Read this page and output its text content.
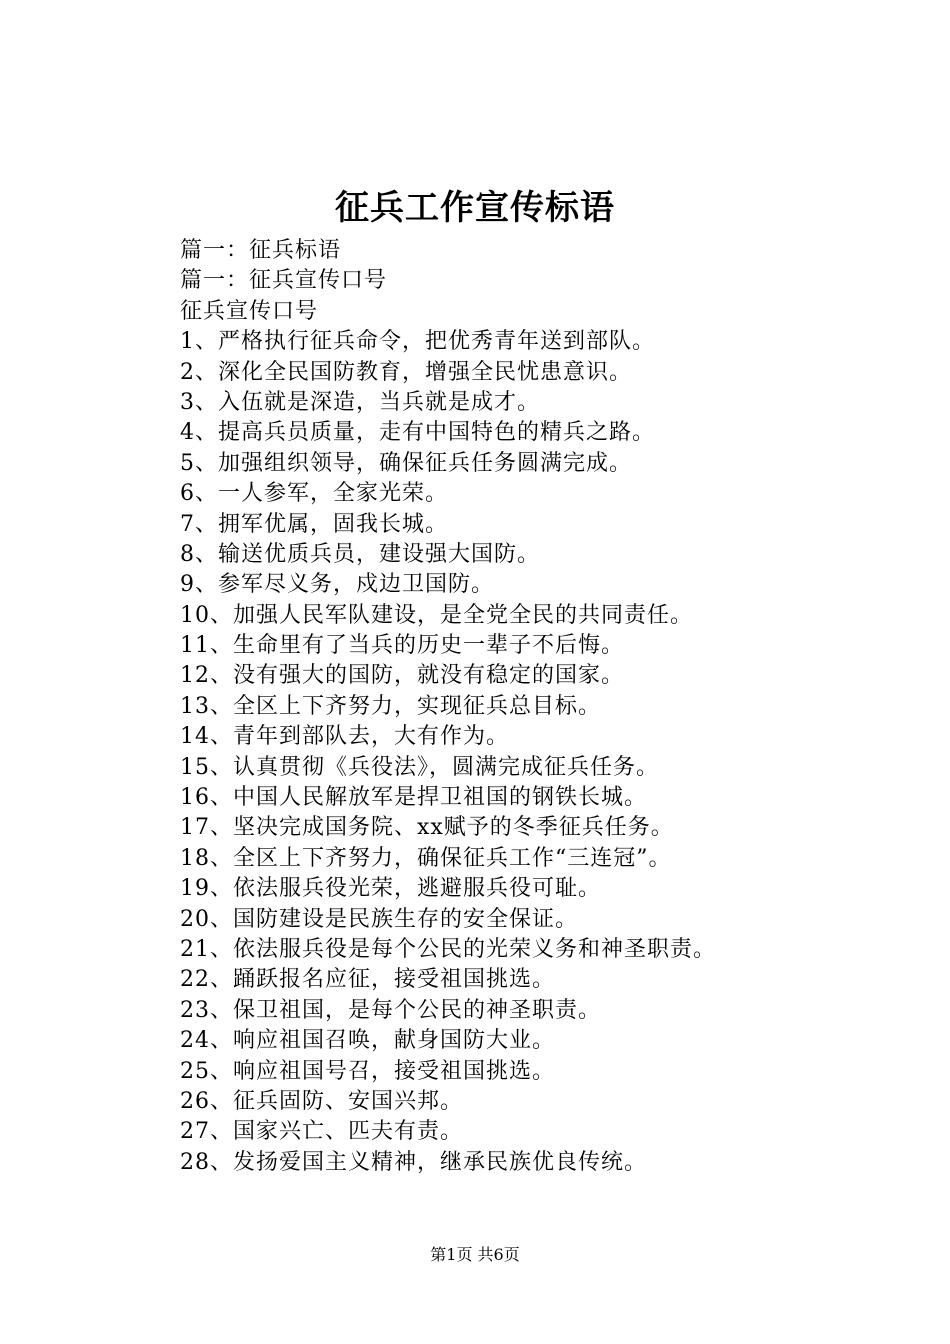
征兵工作宣传标语
篇一：征兵标语
篇一：征兵宣传口号
征兵宣传口号
1、严格执行征兵命令，把优秀青年送到部队。
2、深化全民国防教育，增强全民忧患意识。
3、入伍就是深造，当兵就是成才。
4、提高兵员质量，走有中国特色的精兵之路。
5、加强组织领导，确保征兵任务圆满完成。
6、一人参军，全家光荣。
7、拥军优属，固我长城。
8、输送优质兵员，建设强大国防。
9、参军尽义务，戍边卫国防。
10、加强人民军队建设，是全党全民的共同责任。
11、生命里有了当兵的历史一辈子不后悔。
12、没有强大的国防，就没有稳定的国家。
13、全区上下齐努力，实现征兵总目标。
14、青年到部队去，大有作为。
15、认真贯彻《兵役法》，圆满完成征兵任务。
16、中国人民解放军是捍卫祖国的钢铁长城。
17、坚决完成国务院、xx赋予的冬季征兵任务。
18、全区上下齐努力，确保征兵工作“三连冠”。
19、依法服兵役光荣，逃避服兵役可耻。
20、国防建设是民族生存的安全保证。
21、依法服兵役是每个公民的光荣义务和神圣职责。
22、踊跃报名应征，接受祖国挑选。
23、保卫祖国，是每个公民的神圣职责。
24、响应祖国召唤，献身国防大业。
25、响应祖国号召，接受祖国挑选。
26、征兵固防、安国兴邦。
27、国家兴亡、匹夫有责。
28、发扬爱国主义精神，继承民族优良传统。
第1页 共6页
